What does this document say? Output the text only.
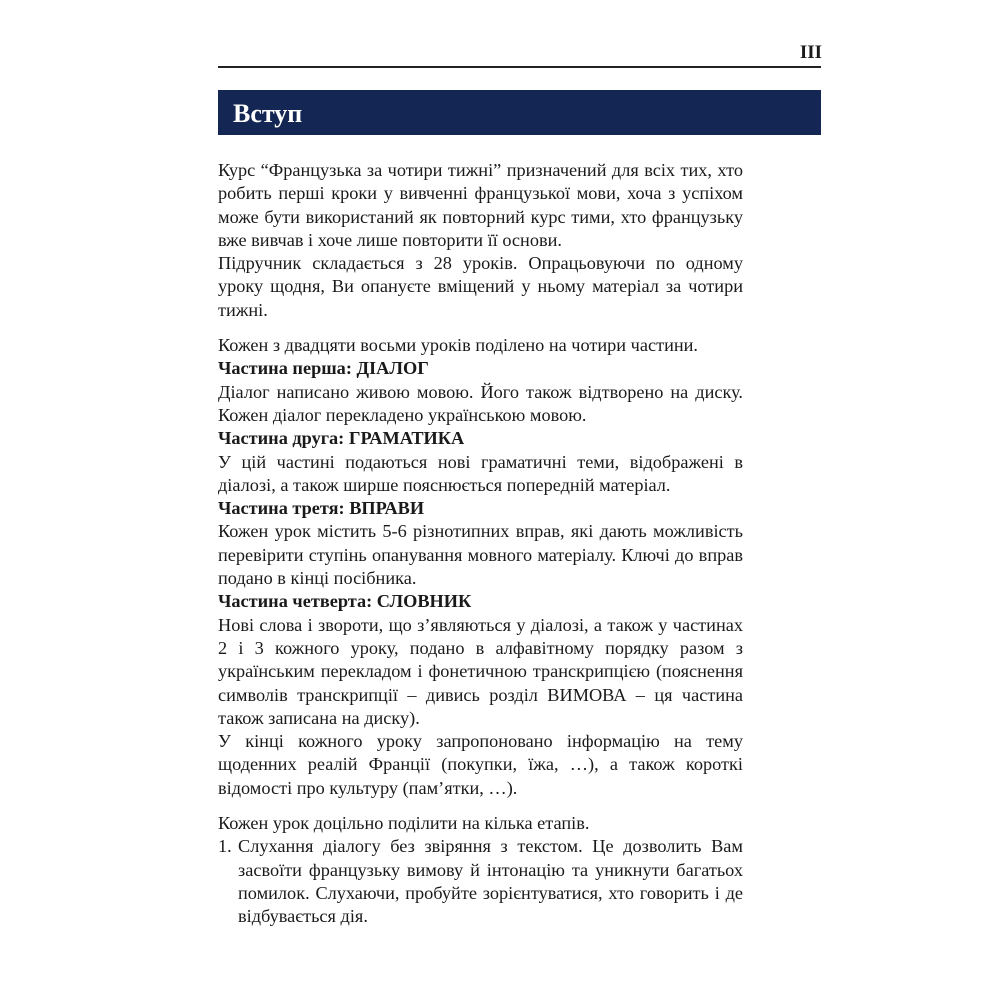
III
Вступ

Курс “Французька за чотири тижні” призначений для всіх тих, хто робить перші кроки у вивченні французької мови, хоча з успіхом може бути використаний як повторний курс тими, хто французьку вже вивчав і хоче лише повторити її основи.

Підручник складається з 28 уроків. Опрацьовуючи по одному уроку щодня, Ви опануєте вміщений у ньому матеріал за чотири тижні.

Кожен з двадцяти восьми уроків поділено на чотири частини.

Частина перша: ДІАЛОГ

Діалог написано живою мовою. Його також відтворено на диску. Кожен діалог перекладено українською мовою.

Частина друга: ГРАМАТИКА

У цій частині подаються нові граматичні теми, відображені в діалозі, а також ширше пояснюється попередній матеріал.

Частина третя: ВПРАВИ

Кожен урок містить 5-6 різнотипних вправ, які дають можливість перевірити ступінь опанування мовного матеріалу. Ключі до вправ подано в кінці посібника.

Частина четверта: СЛОВНИК

Нові слова і звороти, що з’являються у діалозі, а також у частинах 2 і 3 кожного уроку, подано в алфавітному порядку разом з українським перекладом і фонетичною транскрипцією (пояснення символів транскрипції – дивись розділ ВИМОВА – ця частина також записана на диску).

У кінці кожного уроку запропоновано інформацію на тему щоденних реалій Франції (покупки, їжа, …), а також короткі відомості про культуру (пам’ятки, …).

Кожен урок доцільно поділити на кілька етапів.

1. Слухання діалогу без звіряння з текстом. Це дозволить Вам засвоїти французьку вимову й інтонацію та уникнути багатьох помилок. Слухаючи, пробуйте зорієнтуватися, хто говорить і де відбувається дія.
